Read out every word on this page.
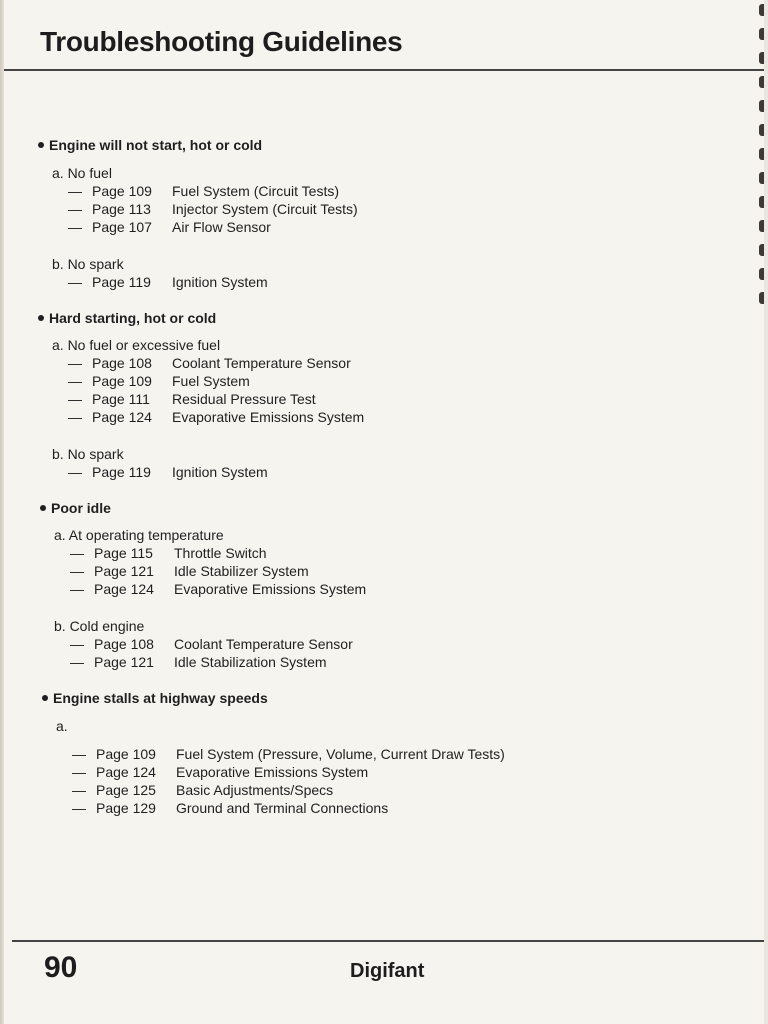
Troubleshooting Guidelines
Engine will not start, hot or cold
a. No fuel
— Page 109	Fuel System (Circuit Tests)
— Page 113	Injector System (Circuit Tests)
— Page 107	Air Flow Sensor
b. No spark
— Page 119	Ignition System
Hard starting, hot or cold
a. No fuel or excessive fuel
— Page 108	Coolant Temperature Sensor
— Page 109	Fuel System
— Page 111	Residual Pressure Test
— Page 124	Evaporative Emissions System
b. No spark
— Page 119	Ignition System
Poor idle
a. At operating temperature
— Page 115	Throttle Switch
— Page 121	Idle Stabilizer System
— Page 124	Evaporative Emissions System
b. Cold engine
— Page 108	Coolant Temperature Sensor
— Page 121	Idle Stabilization System
Engine stalls at highway speeds
a.
— Page 109	Fuel System (Pressure, Volume, Current Draw Tests)
— Page 124	Evaporative Emissions System
— Page 125	Basic Adjustments/Specs
— Page 129	Ground and Terminal Connections
90	Digifant
